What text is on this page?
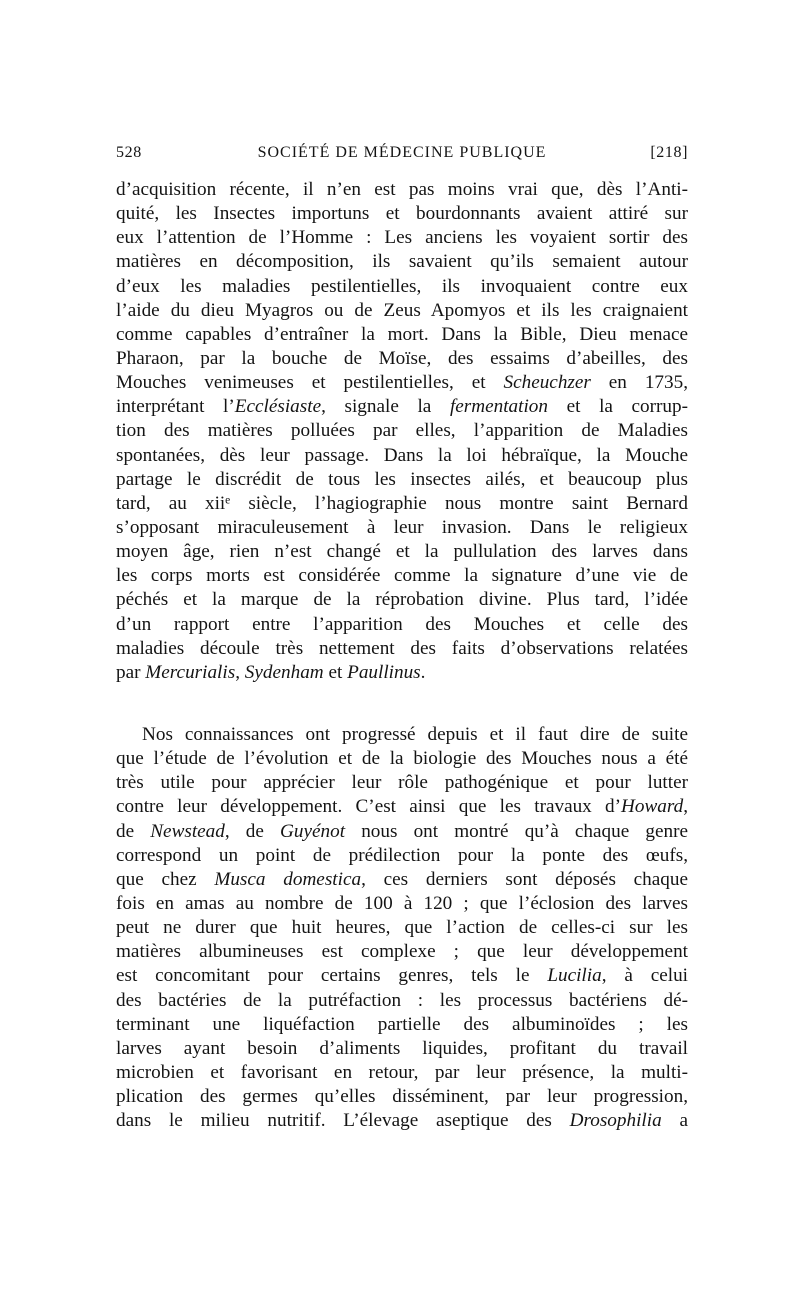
528	SOCIÉTÉ DE MÉDECINE PUBLIQUE	[218]
d’acquisition récente, il n’en est pas moins vrai que, dès l’Anti-
quité, les Insectes importuns et bourdonnants avaient attiré sur
eux l’attention de l’Homme : Les anciens les voyaient sortir des
matières en décomposition, ils savaient qu’ils semaient autour
d’eux les maladies pestilentielles, ils invoquaient contre eux
l’aide du dieu Myagros ou de Zeus Apomyos et ils les craignaient
comme capables d’entraîner la mort. Dans la Bible, Dieu menace
Pharaon, par la bouche de Moïse, des essaims d’abeilles, des
Mouches venimeuses et pestilentielles, et Scheuchzer en 1735,
interprétant l’Ecclésiaste, signale la fermentation et la corrup-
tion des matières polluées par elles, l’apparition de Maladies
spontanées, dès leur passage. Dans la loi hébraïque, la Mouche
partage le discrédit de tous les insectes ailés, et beaucoup plus
tard, au xiiᵉ siècle, l’hagiographie nous montre saint Bernard
s’opposant miraculeusement à leur invasion. Dans le religieux
moyen âge, rien n’est changé et la pullulation des larves dans
les corps morts est considérée comme la signature d’une vie de
péchés et la marque de la réprobation divine. Plus tard, l’idée
d’un rapport entre l’apparition des Mouches et celle des
maladies découle très nettement des faits d’observations relatées
par Mercurialis, Sydenham et Paullinus.
Nos connaissances ont progressé depuis et il faut dire de suite
que l’étude de l’évolution et de la biologie des Mouches nous a été
très utile pour apprécier leur rôle pathogénique et pour lutter
contre leur développement. C’est ainsi que les travaux d’Howard,
de Newstead, de Guyénot nous ont montré qu’à chaque genre
correspond un point de prédilection pour la ponte des œufs,
que chez Musca domestica, ces derniers sont déposés chaque
fois en amas au nombre de 100 à 120 ; que l’éclosion des larves
peut ne durer que huit heures, que l’action de celles-ci sur les
matières albumineuses est complexe ; que leur développement
est concomitant pour certains genres, tels le Lucilia, à celui
des bactéries de la putréfaction : les processus bactériens dé-
terminant une liquéfaction partielle des albuminoïdes ; les
larves ayant besoin d’aliments liquides, profitant du travail
microbien et favorisant en retour, par leur présence, la multi-
plication des germes qu’elles disséminent, par leur progression,
dans le milieu nutritif. L’élevage aseptique des Drosophilia a
